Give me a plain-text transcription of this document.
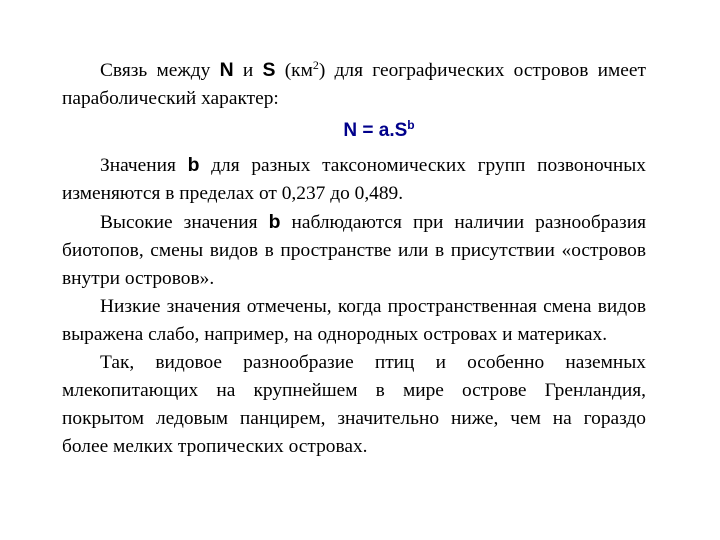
Связь между N и S $(км^2)$ для географических островов имеет параболический характер:

$N = a.S^b$

Значения b для разных таксономических групп позвоночных изменяются в пределах от 0,237 до 0,489.

Высокие значения b наблюдаются при наличии разнообразия биотопов, смены видов в пространстве или в присутствии «островов внутри островов».

Низкие значения отмечены, когда пространственная смена видов выражена слабо, например, на однородных островах и материках.

Так, видовое разнообразие птиц и особенно наземных млекопитающих на крупнейшем в мире острове Гренландия, покрытом ледовым панцирем, значительно ниже, чем на гораздо более мелких тропических островах.
